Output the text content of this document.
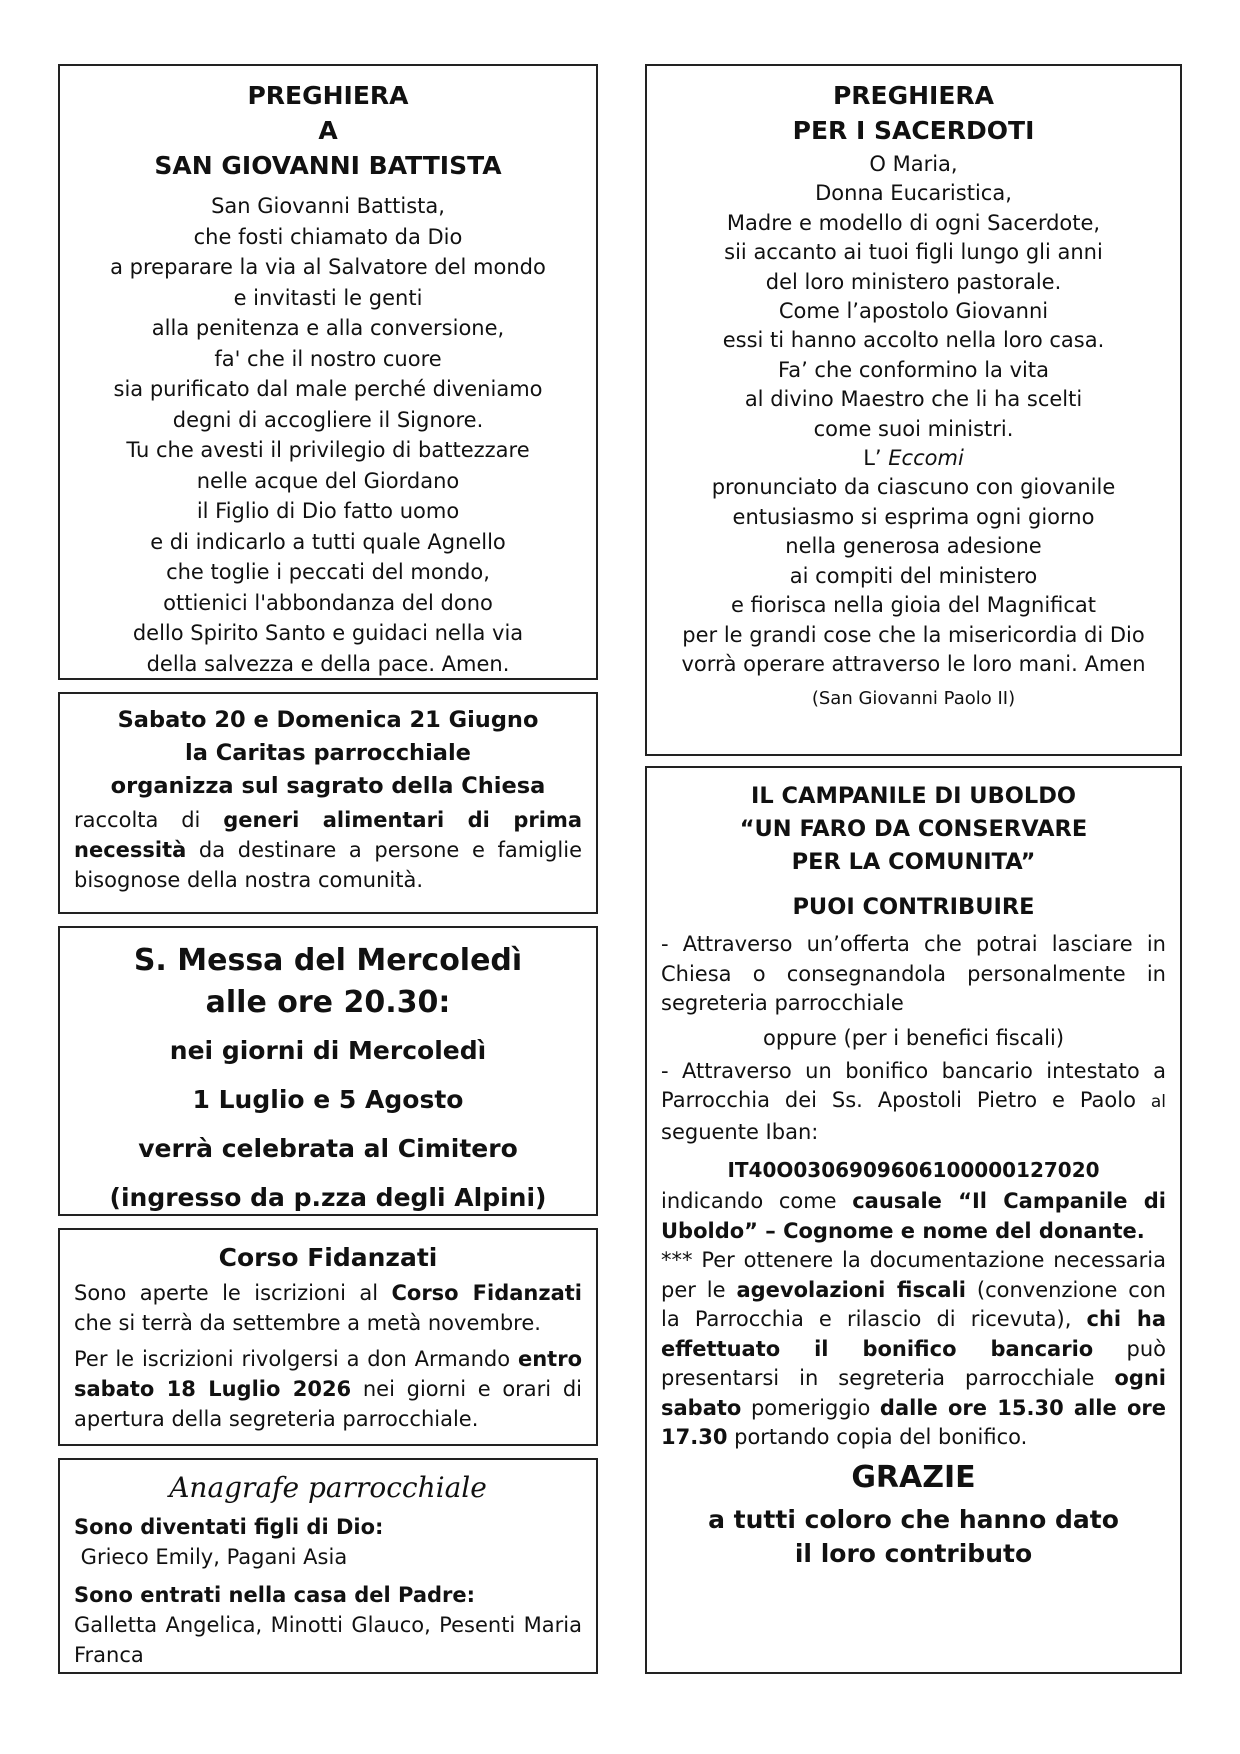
PREGHIERA
A
SAN GIOVANNI BATTISTA
San Giovanni Battista,
che fosti chiamato da Dio
a preparare la via al Salvatore del mondo
e invitasti le genti
alla penitenza e alla conversione,
fa' che il nostro cuore
sia purificato dal male perché diveniamo
degni di accogliere il Signore.
Tu che avesti il privilegio di battezzare
nelle acque del Giordano
il Figlio di Dio fatto uomo
e di indicarlo a tutti quale Agnello
che toglie i peccati del mondo,
ottienici l'abbondanza del dono
dello Spirito Santo e guidaci nella via
della salvezza e della pace. Amen.
PREGHIERA
PER I SACERDOTI
O Maria,
Donna Eucaristica,
Madre e modello di ogni Sacerdote,
sii accanto ai tuoi figli lungo gli anni
del loro ministero pastorale.
Come l’apostolo Giovanni
essi ti hanno accolto nella loro casa.
Fa’ che conformino la vita
al divino Maestro che li ha scelti
come suoi ministri.
L’ Eccomi
pronunciato da ciascuno con giovanile
entusiasmo si esprima ogni giorno
nella generosa adesione
ai compiti del ministero
e fiorisca nella gioia del Magnificat
per le grandi cose che la misericordia di Dio
vorrà operare attraverso le loro mani. Amen
(San Giovanni Paolo II)
Sabato 20 e Domenica 21 Giugno
la Caritas parrocchiale
organizza sul sagrato della Chiesa
raccolta di generi alimentari di prima necessità da destinare a persone e famiglie bisognose della nostra comunità.
S. Messa del Mercoledì
alle ore 20.30:
nei giorni di Mercoledì
1 Luglio e 5 Agosto
verrà celebrata al Cimitero
(ingresso da p.zza degli Alpini)
Corso Fidanzati
Sono aperte le iscrizioni al Corso Fidanzati che si terrà da settembre a metà novembre.
Per le iscrizioni rivolgersi a don Armando entro sabato 18 Luglio 2026 nei giorni e orari di apertura della segreteria parrocchiale.
Anagrafe parrocchiale
Sono diventati figli di Dio:
Grieco Emily, Pagani Asia
Sono entrati nella casa del Padre:
Galletta Angelica, Minotti Glauco, Pesenti Maria Franca
IL CAMPANILE DI UBOLDO
“UN FARO DA CONSERVARE
PER LA COMUNITA”
PUOI CONTRIBUIRE
- Attraverso un’offerta che potrai lasciare in Chiesa o consegnandola personalmente in segreteria parrocchiale
oppure (per i benefici fiscali)
- Attraverso un bonifico bancario intestato a Parrocchia dei Ss. Apostoli Pietro e Paolo al seguente Iban:
IT40O0306909606100000127020
indicando come causale “Il Campanile di Uboldo” – Cognome e nome del donante.
*** Per ottenere la documentazione necessaria per le agevolazioni fiscali (convenzione con la Parrocchia e rilascio di ricevuta), chi ha effettuato il bonifico bancario può presentarsi in segreteria parrocchiale ogni sabato pomeriggio dalle ore 15.30 alle ore 17.30 portando copia del bonifico.
GRAZIE
a tutti coloro che hanno dato
il loro contributo
